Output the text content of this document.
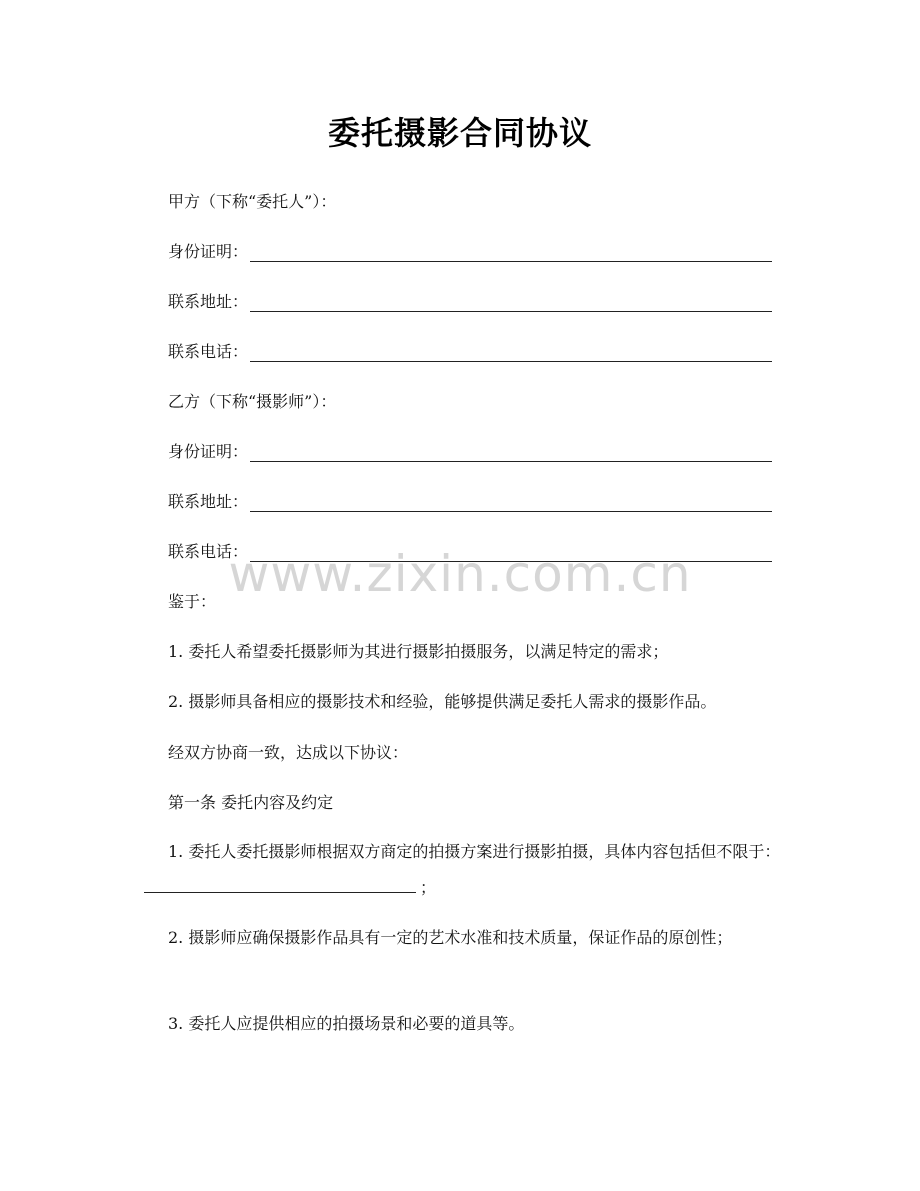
委托摄影合同协议
甲方（下称“委托人”）：
身份证明：
联系地址：
联系电话：
乙方（下称“摄影师”）：
身份证明：
联系地址：
联系电话：
www.zixin.com.cn
鉴于：
1. 委托人希望委托摄影师为其进行摄影拍摄服务，以满足特定的需求；
2. 摄影师具备相应的摄影技术和经验，能够提供满足委托人需求的摄影作品。
经双方协商一致，达成以下协议：
第一条 委托内容及约定
1. 委托人委托摄影师根据双方商定的拍摄方案进行摄影拍摄，具体内容包括但不限于：；
2. 摄影师应确保摄影作品具有一定的艺术水准和技术质量，保证作品的原创性；
3. 委托人应提供相应的拍摄场景和必要的道具等。
